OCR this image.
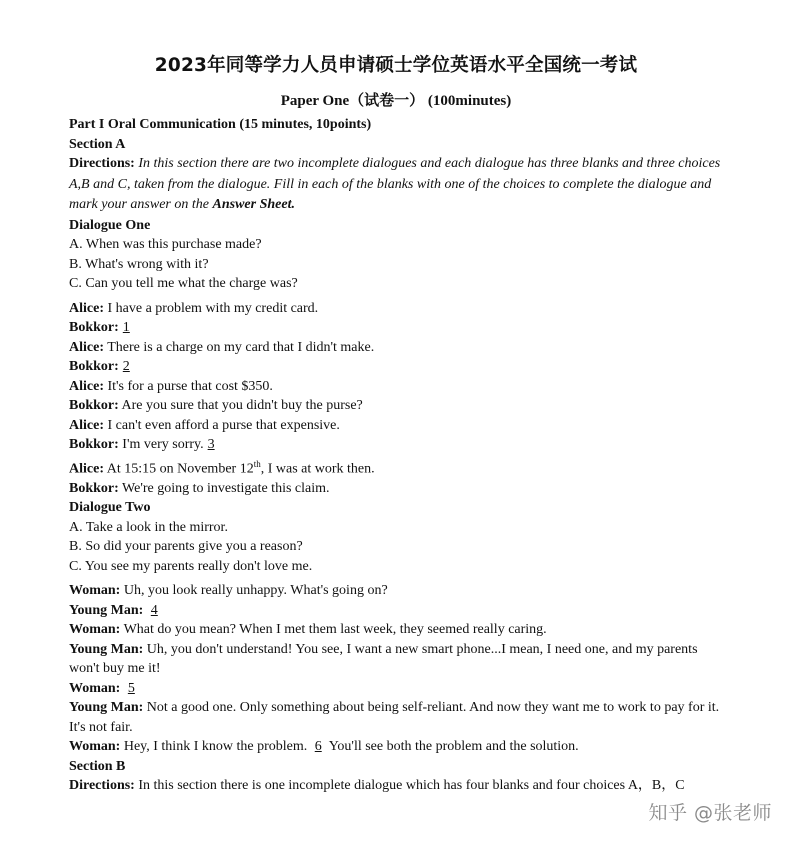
2023年同等学力人员申请硕士学位英语水平全国统一考试
Paper One（试卷一） (100minutes)

Part I Oral Communication (15 minutes, 10points)

Section A

Directions: In this section there are two incomplete dialogues and each dialogue has three blanks and three choices A,B and C, taken from the dialogue. Fill in each of the blanks with one of the choices to complete the dialogue and mark your answer on the Answer Sheet.

Dialogue One

A. When was this purchase made?

B. What's wrong with it?

C. Can you tell me what the charge was?

Alice: I have a problem with my credit card.

Bokkor: 1

Alice: There is a charge on my card that I didn't make.

Bokkor: 2

Alice: It's for a purse that cost $350.

Bokkor: Are you sure that you didn't buy the purse?

Alice: I can't even afford a purse that expensive.

Bokkor: I'm very sorry. 3

Alice: At 15:15 on November 12th, I was at work then.

Bokkor: We're going to investigate this claim.

Dialogue Two

A. Take a look in the mirror.

B. So did your parents give you a reason?

C. You see my parents really don't love me.

Woman: Uh, you look really unhappy. What's going on?

Young Man: 4

Woman: What do you mean? When I met them last week, they seemed really caring.

Young Man: Uh, you don't understand! You see, I want a new smart phone...I mean, I need one, and my parents won't buy me it!

Woman: 5

Young Man: Not a good one. Only something about being self-reliant. And now they want me to work to pay for it. It's not fair.

Woman: Hey, I think I know the problem. 6 You'll see both the problem and the solution.

Section B

Directions: In this section there is one incomplete dialogue which has four blanks and four choices A，B，C

知乎 @张老师
